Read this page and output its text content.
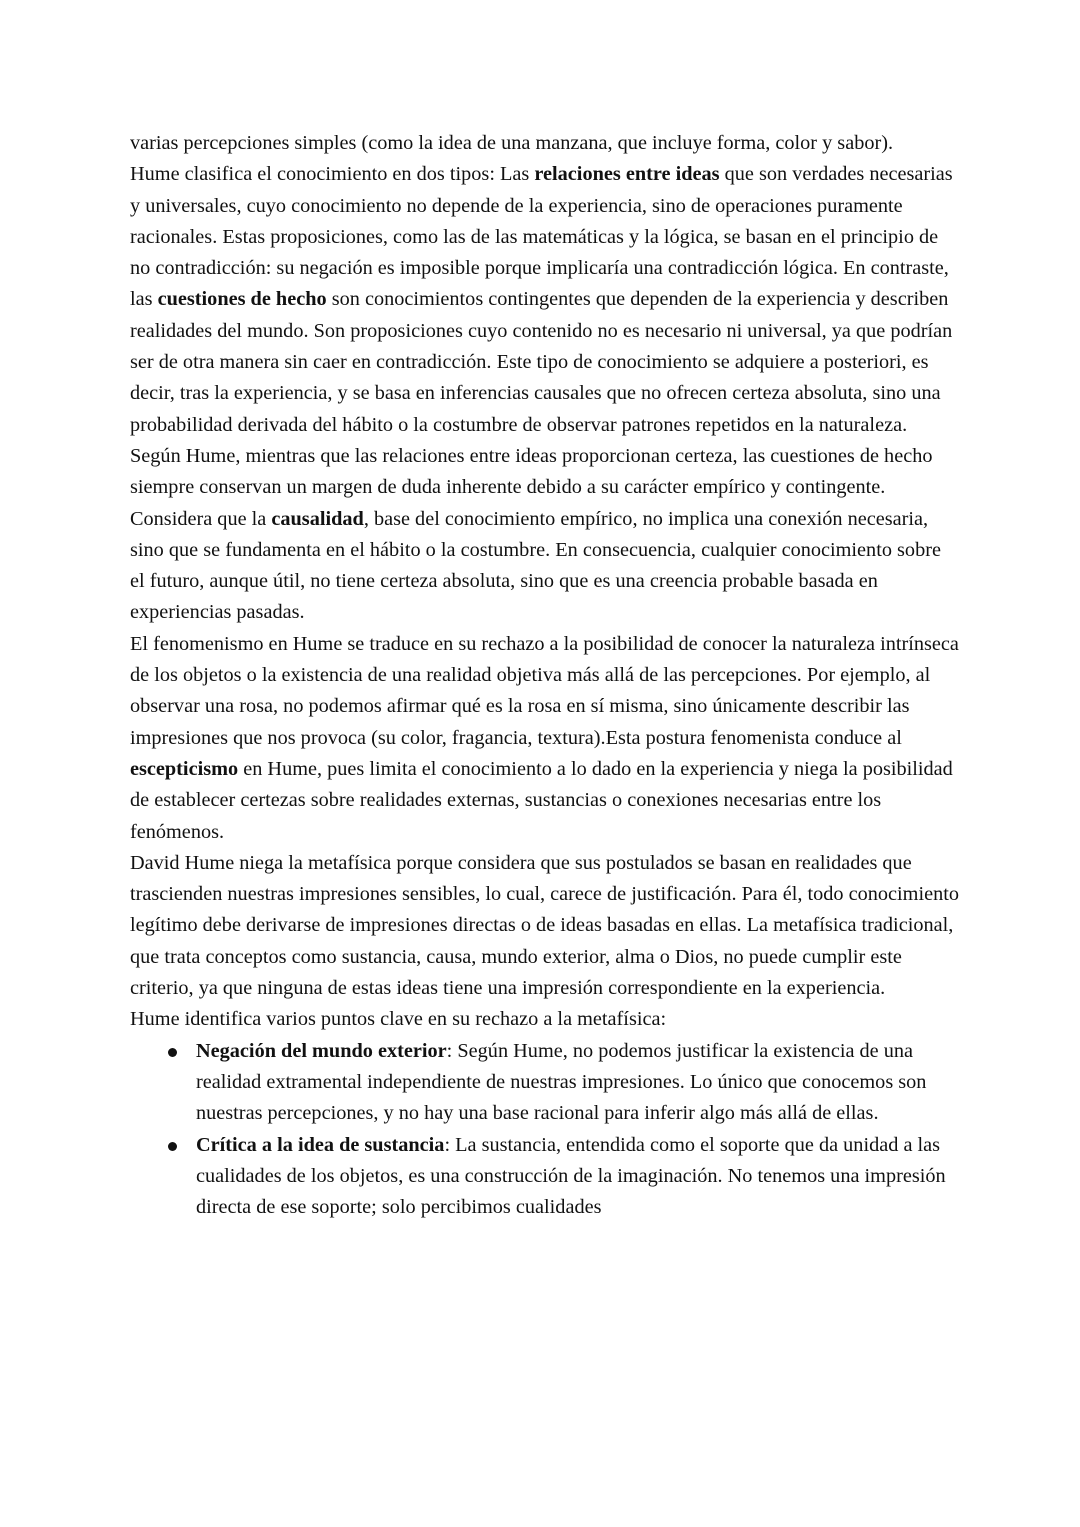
varias percepciones simples (como la idea de una manzana, que incluye forma, color y sabor).

Hume clasifica el conocimiento en dos tipos: Las relaciones entre ideas que son verdades necesarias y universales, cuyo conocimiento no depende de la experiencia, sino de operaciones puramente racionales. Estas proposiciones, como las de las matemáticas y la lógica, se basan en el principio de no contradicción: su negación es imposible porque implicaría una contradicción lógica. En contraste, las cuestiones de hecho son conocimientos contingentes que dependen de la experiencia y describen realidades del mundo. Son proposiciones cuyo contenido no es necesario ni universal, ya que podrían ser de otra manera sin caer en contradicción. Este tipo de conocimiento se adquiere a posteriori, es decir, tras la experiencia, y se basa en inferencias causales que no ofrecen certeza absoluta, sino una probabilidad derivada del hábito o la costumbre de observar patrones repetidos en la naturaleza. Según Hume, mientras que las relaciones entre ideas proporcionan certeza, las cuestiones de hecho siempre conservan un margen de duda inherente debido a su carácter empírico y contingente.

Considera que la causalidad, base del conocimiento empírico, no implica una conexión necesaria, sino que se fundamenta en el hábito o la costumbre. En consecuencia, cualquier conocimiento sobre el futuro, aunque útil, no tiene certeza absoluta, sino que es una creencia probable basada en experiencias pasadas.

El fenomenismo en Hume se traduce en su rechazo a la posibilidad de conocer la naturaleza intrínseca de los objetos o la existencia de una realidad objetiva más allá de las percepciones. Por ejemplo, al observar una rosa, no podemos afirmar qué es la rosa en sí misma, sino únicamente describir las impresiones que nos provoca (su color, fragancia, textura).Esta postura fenomenista conduce al escepticismo en Hume, pues limita el conocimiento a lo dado en la experiencia y niega la posibilidad de establecer certezas sobre realidades externas, sustancias o conexiones necesarias entre los fenómenos.

David Hume niega la metafísica porque considera que sus postulados se basan en realidades que trascienden nuestras impresiones sensibles, lo cual, carece de justificación. Para él, todo conocimiento legítimo debe derivarse de impresiones directas o de ideas basadas en ellas. La metafísica tradicional, que trata conceptos como sustancia, causa, mundo exterior, alma o Dios, no puede cumplir este criterio, ya que ninguna de estas ideas tiene una impresión correspondiente en la experiencia.

Hume identifica varios puntos clave en su rechazo a la metafísica:

Negación del mundo exterior: Según Hume, no podemos justificar la existencia de una realidad extramental independiente de nuestras impresiones. Lo único que conocemos son nuestras percepciones, y no hay una base racional para inferir algo más allá de ellas.
Crítica a la idea de sustancia: La sustancia, entendida como el soporte que da unidad a las cualidades de los objetos, es una construcción de la imaginación. No tenemos una impresión directa de ese soporte; solo percibimos cualidades
